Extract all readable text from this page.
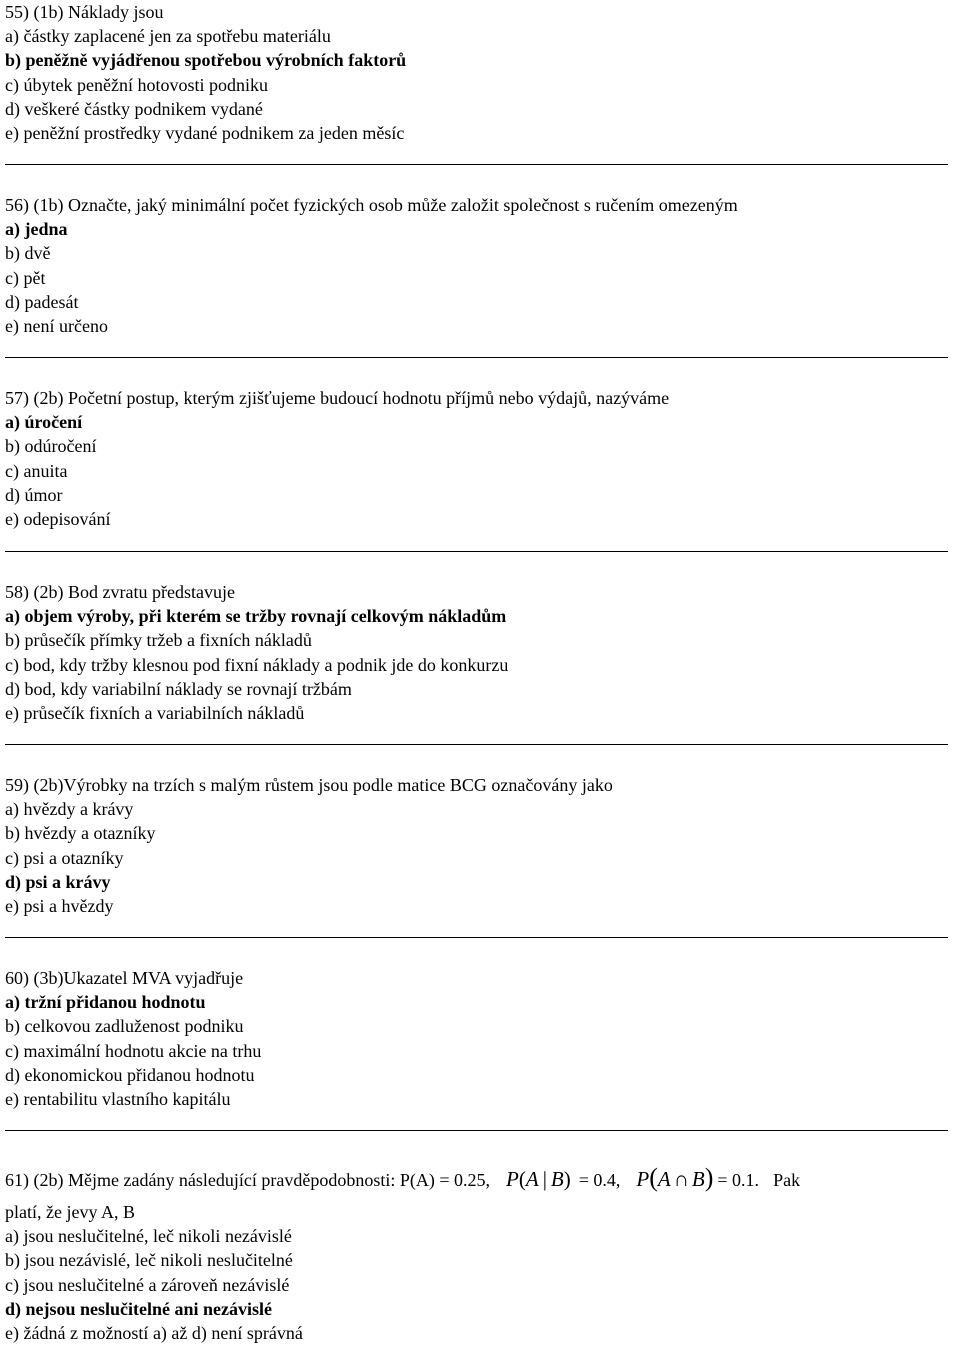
55) (1b) Náklady jsou

a) částky zaplacené jen za spotřebu materiálu

b) peněžně vyjádřenou spotřebou výrobních faktorů

c) úbytek peněžní hotovosti podniku

d) veškeré částky podnikem vydané

e) peněžní prostředky vydané podnikem za jeden měsíc

56) (1b) Označte, jaký minimální počet fyzických osob může založit společnost s ručením omezeným

a) jedna

b) dvě

c) pět

d) padesát

e) není určeno

57) (2b) Početní postup, kterým zjišťujeme budoucí hodnotu příjmů nebo výdajů, nazýváme

a) úročení

b) odúročení

c) anuita

d) úmor

e) odepisování

58) (2b) Bod zvratu představuje

a) objem výroby, při kterém se tržby rovnají celkovým nákladům

b) průsečík přímky tržeb a fixních nákladů

c) bod, kdy tržby klesnou pod fixní náklady a podnik jde do konkurzu

d) bod, kdy variabilní náklady se rovnají tržbám

e) průsečík fixních a variabilních nákladů

59) (2b)Výrobky na trzích s malým růstem jsou podle matice BCG označovány jako

a) hvězdy a krávy

b) hvězdy a otazníky

c) psi a otazníky

d) psi a krávy

e) psi a hvězdy

60) (3b)Ukazatel MVA vyjadřuje

a) tržní přidanou hodnotu

b) celkovou zadluženost podniku

c) maximální hodnotu akcie na trhu

d) ekonomickou přidanou hodnotu

e) rentabilitu vlastního kapitálu

61) (2b) Mějme zadány následující pravděpodobnosti: P(A) = 0.25, P(A | B) = 0.4, P(A ∩ B) = 0.1. Pak

platí, že jevy A, B

a) jsou neslučitelné, leč nikoli nezávislé

b) jsou nezávislé, leč nikoli neslučitelné

c) jsou neslučitelné a zároveň nezávislé

d) nejsou neslučitelné ani nezávislé

e) žádná z možností a) až d) není správná
